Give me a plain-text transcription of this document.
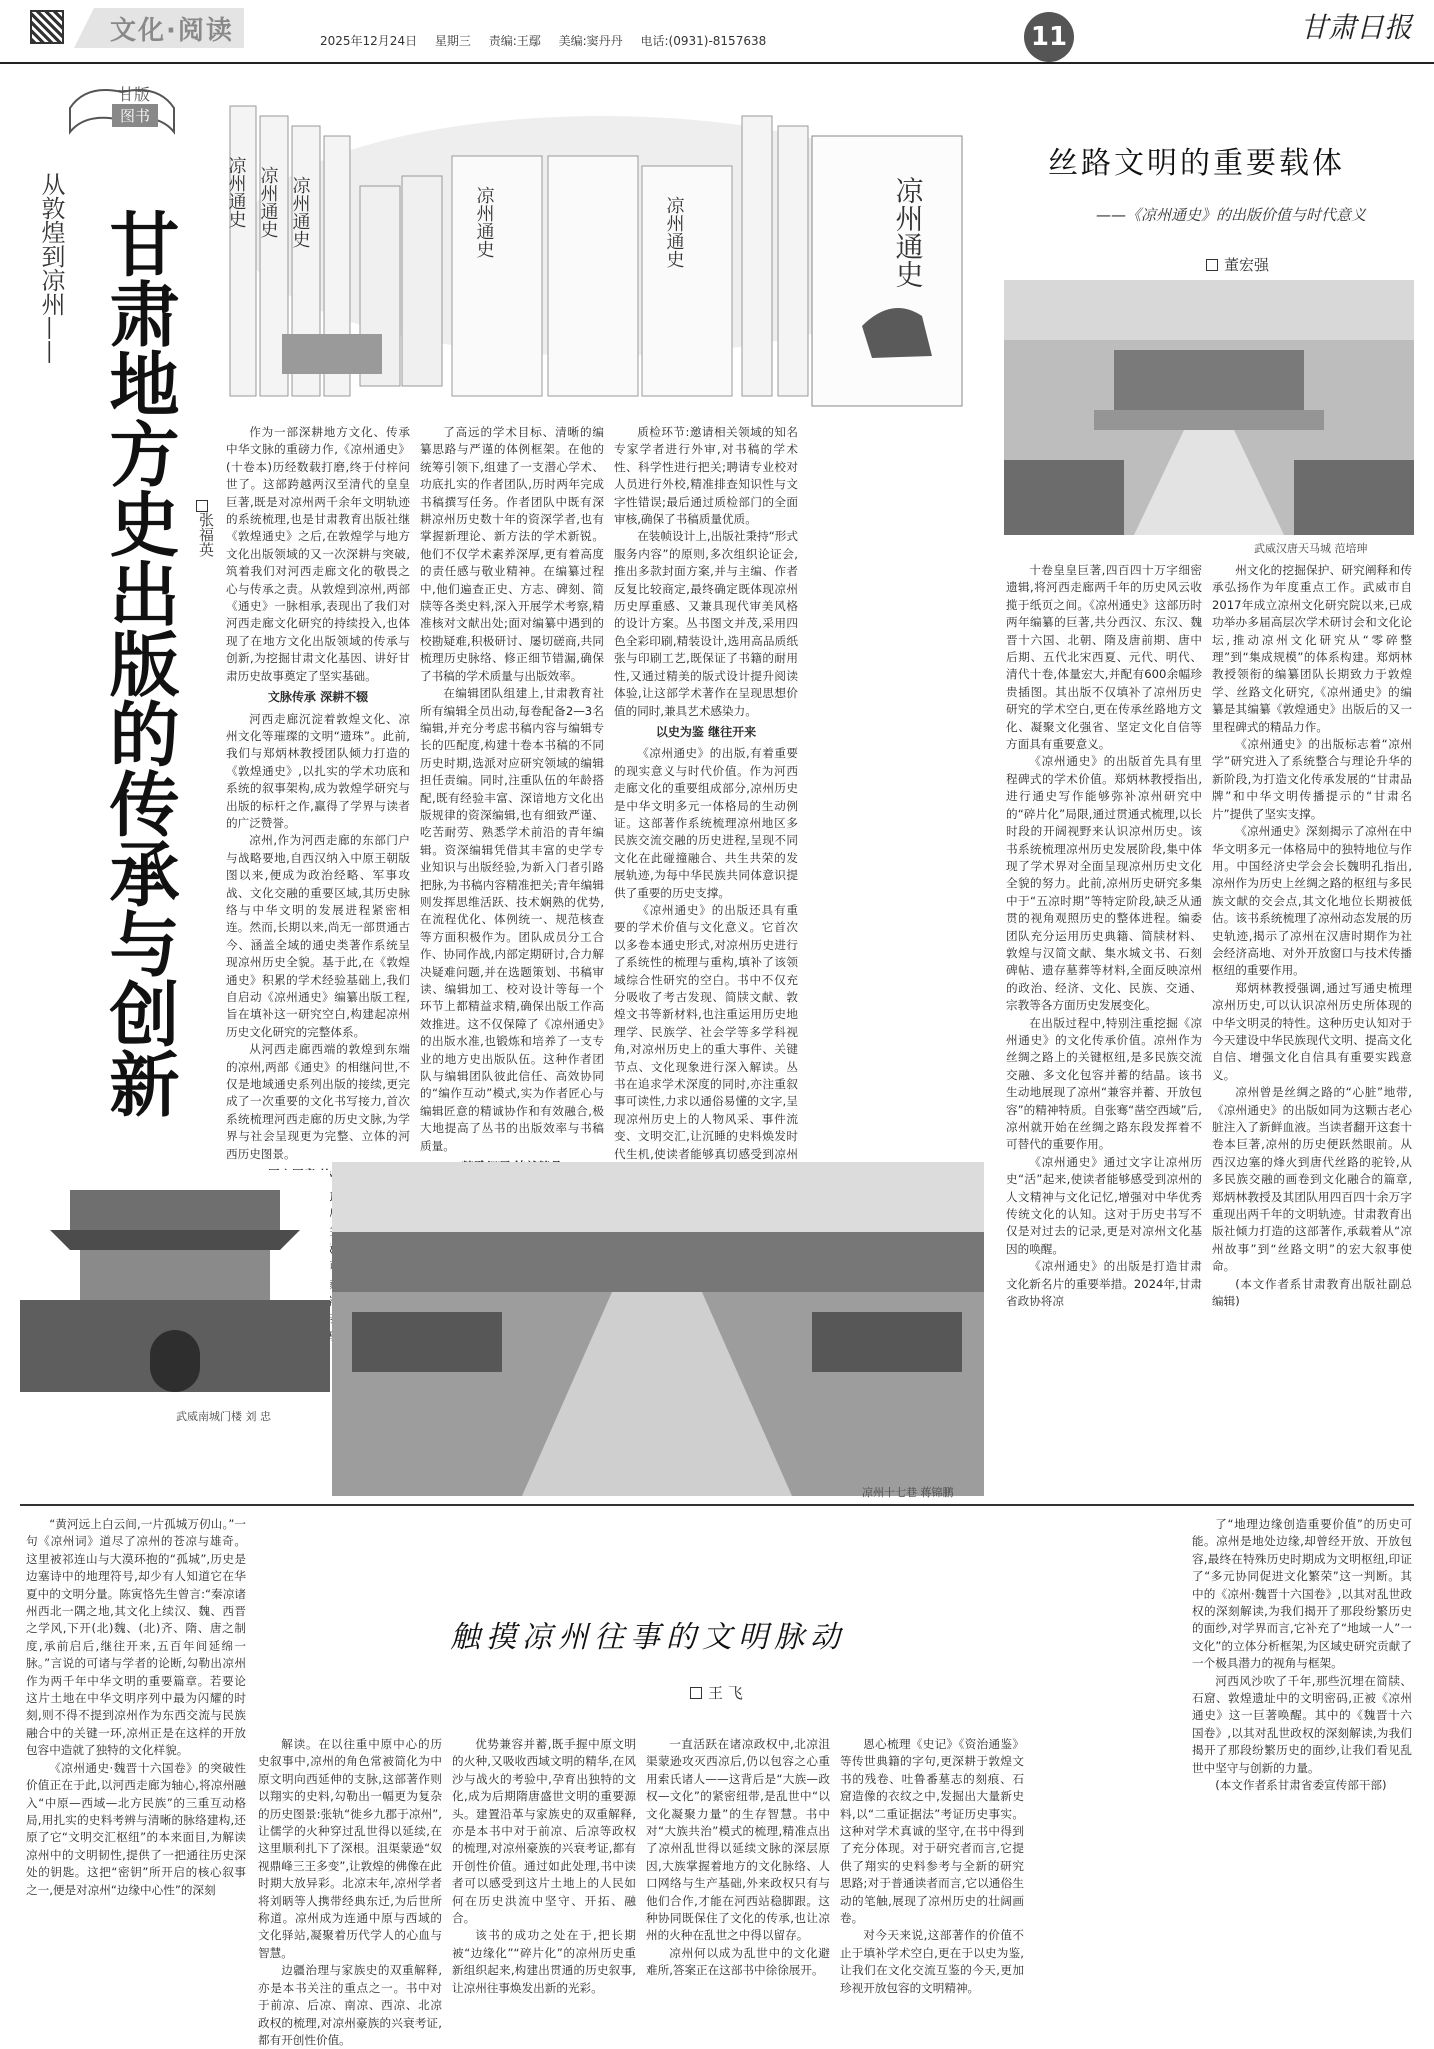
文化·阅读	2025年12月24日 星期三 责编:王鄢 美编:窦丹丹 电话:(0931)-8157638	11	甘肃日报
甘版
图书
从敦煌到凉州—— 甘肃地方史出版的传承与创新 张福英
凉州通史 凉州通史 凉州通史	凉州通史	凉州通史	凉州通史
丝路文明的重要载体
——《凉州通史》的出版价值与时代意义
董宏强
武威汉唐天马城 范培珅

作为一部深耕地方文化、传承中华文脉的重磅力作,《凉州通史》(十卷本)历经数载打磨,终于付梓问世了。这部跨越两汉至清代的皇皇巨著,既是对凉州两千余年文明轨迹的系统梳理,也是甘肃教育出版社继《敦煌通史》之后,在敦煌学与地方文化出版领域的又一次深耕与突破,筑着我们对河西走廊文化的敬畏之心与传承之责。从敦煌到凉州,两部《通史》一脉相承,表现出了我们对河西走廊文化研究的持续投入,也体现了在地方文化出版领域的传承与创新,为挖掘甘肃文化基因、讲好甘肃历史故事奠定了坚实基础。

文脉传承 深耕不辍

河西走廊沉淀着敦煌文化、凉州文化等璀璨的文明“遗珠”。此前,我们与郑炳林教授团队倾力打造的《敦煌通史》,以扎实的学术功底和系统的叙事架构,成为敦煌学研究与出版的标杆之作,赢得了学界与读者的广泛赞誉。

凉州,作为河西走廊的东部门户与战略要地,自西汉纳入中原王朝版图以来,便成为政治经略、军事攻战、文化交融的重要区域,其历史脉络与中华文明的发展进程紧密相连。然而,长期以来,尚无一部贯通古今、涵盖全域的通史类著作系统呈现凉州历史全貌。基于此,在《敦煌通史》积累的学术经验基础上,我们自启动《凉州通史》编纂出版工程,旨在填补这一研究空白,构建起凉州历史文化研究的完整体系。

从河西走廊西端的敦煌到东端的凉州,两部《通史》的相继问世,不仅是地域通史系列出版的接续,更完成了一次重要的文化书写接力,首次系统梳理河西走廊的历史文脉,为学界与社会呈现更为完整、立体的河西历史图景。

了高远的学术目标、清晰的编纂思路与严谨的体例框架。在他的统筹引领下,组建了一支潜心学术、功底扎实的作者团队,历时两年完成书稿撰写任务。作者团队中既有深耕凉州历史数十年的资深学者,也有掌握新理论、新方法的学术新锐。他们不仅学术素养深厚,更有着高度的责任感与敬业精神。在编纂过程中,他们遍查正史、方志、碑刻、简牍等各类史料,深入开展学术考察,精准核对文献出处;面对编纂中遇到的校勘疑难,积极研讨、屡切磋商,共同梳理历史脉络、修正细节错漏,确保了书稿的学术质量与出版效率。

在编辑团队组建上,甘肃教育社所有编辑全员出动,每卷配备2—3名编辑,并充分考虑书稿内容与编辑专长的匹配度,构建十卷本书稿的不同历史时期,选派对应研究领域的编辑担任责编。同时,注重队伍的年龄搭配,既有经验丰富、深谙地方文化出版规律的资深编辑,也有细致严谨、吃苦耐劳、熟悉学术前沿的青年编辑。资深编辑凭借其丰富的史学专业知识与出版经验,为新入门者引路把脉,为书稿内容精准把关;青年编辑则发挥思维活跃、技术娴熟的优势,在流程优化、体例统一、规范核查等方面积极作为。团队成员分工合作、协同作战,内部定期研讨,合力解决疑难问题,并在选题策划、书稿审读、编辑加工、校对设计等每一个环节上都精益求精,确保出版工作高效推进。这不仅保障了《凉州通史》的出版水准,也锻炼和培养了一支专业的地方史出版队伍。这种作者团队与编辑团队彼此信任、高效协同的“编作互动”模式,实为作者匠心与编辑匠意的精诚协作和有效融合,极大地提高了丛书的出版效率与书稿质量。

质检环节:邀请相关领域的知名专家学者进行外审,对书稿的学术性、科学性进行把关;聘请专业校对人员进行外校,精准排查知识性与文字性错误;最后通过质检部门的全面审核,确保了书稿质量优质。

在装帧设计上,出版社秉持“形式服务内容”的原则,多次组织论证会,推出多款封面方案,并与主编、作者反复比较商定,最终确定既体现凉州历史厚重感、又兼具现代审美风格的设计方案。丛书图文并茂,采用四色全彩印刷,精装设计,选用高品质纸张与印刷工艺,既保证了书籍的耐用性,又通过精美的版式设计提升阅读体验,让这部学术著作在呈现思想价值的同时,兼具艺术感染力。

以史为鉴 继往开来

《凉州通史》的出版,有着重要的现实意义与时代价值。作为河西走廊文化的重要组成部分,凉州历史是中华文明多元一体格局的生动例证。这部著作系统梳理凉州地区多民族交流交融的历史进程,呈现不同文化在此碰撞融合、共生共荣的发展轨迹,为每中华民族共同体意识提供了重要的历史支撑。

《凉州通史》的出版还具有重要的学术价值与文化意义。它首次以多卷本通史形式,对凉州历史进行了系统性的梳理与重构,填补了该领域综合性研究的空白。书中不仅充分吸收了考古发现、简牍文献、敦煌文书等新材料,也注重运用历史地理学、民族学、社会学等多学科视角,对凉州历史上的重大事件、关键节点、文化现象进行深入解读。丛书在追求学术深度的同时,亦注重叙事可读性,力求以通俗易懂的文字,呈现凉州历史上的人物风采、事件流变、文明交汇,让沉睡的史料焕发时代生机,使读者能够真切感受到凉州

十卷皇皇巨著,四百四十万字细密遗辑,将河西走廊两千年的历史风云收揽于纸页之间。《凉州通史》这部历时两年编纂的巨著,共分西汉、东汉、魏晋十六国、北朝、隋及唐前期、唐中后期、五代北宋西夏、元代、明代、清代十卷,体量宏大,并配有600余幅珍贵插图。其出版不仅填补了凉州历史研究的学术空白,更在传承丝路地方文化、凝聚文化强省、坚定文化自信等方面具有重要意义。

《凉州通史》的出版首先具有里程碑式的学术价值。郑炳林教授指出,进行通史写作能够弥补凉州研究中的“碎片化”局限,通过贯通式梳理,以长时段的开阔视野来认识凉州历史。该书系统梳理凉州历史发展阶段,集中体现了学术界对全面呈现凉州历史文化全貌的努力。此前,凉州历史研究多集中于“五凉时期”等特定阶段,缺乏从通贯的视角观照历史的整体进程。编委团队充分运用历史典籍、简牍材料、敦煌与汉简文献、集水城文书、石刻碑帖、遗存墓葬等材料,全面反映凉州的政治、经济、文化、民族、交通、宗教等各方面历史发展变化。

在出版过程中,特别注重挖掘《凉州通史》的文化传承价值。凉州作为丝绸之路上的关键枢纽,是多民族交流交融、多文化包容并蓄的结晶。该书生动地展现了凉州“兼容并蓄、开放包容”的精神特质。自张骞“凿空西域”后,凉州就开始在丝绸之路东段发挥着不可替代的重要作用。

《凉州通史》通过文字让凉州历史“活”起来,使读者能够感受到凉州的人文精神与文化记忆,增强对中华优秀传统文化的认知。这对于历史书写不仅是对过去的记录,更是对凉州文化基因的唤醒。

《凉州通史》的出版是打造甘肃文化新名片的重要举措。2024年,甘肃省政协将凉

州文化的挖掘保护、研究阐释和传承弘扬作为年度重点工作。武威市自2017年成立凉州文化研究院以来,已成功举办多届高层次学术研讨会和文化论坛,推动凉州文化研究从“零碎整理”到“集成规模”的体系构建。郑炳林教授领衔的编纂团队长期致力于敦煌学、丝路文化研究,《凉州通史》的编纂是其编纂《敦煌通史》出版后的又一里程碑式的精品力作。

《凉州通史》的出版标志着“凉州学”研究进入了系统整合与理论升华的新阶段,为打造文化传承发展的“甘肃品牌”和中华文明传播提示的“甘肃名片”提供了坚实支撑。

《凉州通史》深刻揭示了凉州在中华文明多元一体格局中的独特地位与作用。中国经济史学会会长魏明孔指出,凉州作为历史上丝绸之路的枢纽与多民族文献的交会点,其文化地位长期被低估。该书系统梳理了凉州动态发展的历史轨迹,揭示了凉州在汉唐时期作为社会经济高地、对外开放窗口与技术传播枢纽的重要作用。

郑炳林教授强调,通过写通史梳理凉州历史,可以认识凉州历史所体现的中华文明灵的特性。这种历史认知对于今天建设中华民族现代文明、提高文化自信、增强文化自信具有重要实践意义。

凉州曾是丝绸之路的“心脏”地带,《凉州通史》的出版如同为这颗古老心脏注入了新鲜血液。当读者翻开这套十卷本巨著,凉州的历史便跃然眼前。从西汉边塞的烽火到唐代丝路的驼铃,从多民族交融的画卷到文化融合的篇章,郑炳林教授及其团队用四百四十余万字重现出两千年的文明轨迹。甘肃教育出版社倾力打造的这部著作,承载着从“凉州故事”到“丝路文明”的宏大叙事使命。

(本文作者系甘肃教育出版社副总编辑)

武威南城门楼 刘 忠
凉州十七巷 蒋锦鹏
触摸凉州往事的文明脉动
王 飞

“黄河远上白云间,一片孤城万仞山。”一句《凉州词》道尽了凉州的苍凉与雄奇。这里被祁连山与大漠环抱的“孤城”,历史是边塞诗中的地理符号,却少有人知道它在华夏中的文明分量。陈寅恪先生曾言:“秦凉诸州西北一隅之地,其文化上续汉、魏、西晋之学风,下开(北)魏、(北)齐、隋、唐之制度,承前启后,继往开来,五百年间延绵一脉。”言说的可诸与学者的论断,勾勒出凉州作为两千年中华文明的重要篇章。若要论这片土地在中华文明序列中最为闪耀的时刻,则不得不提到凉州作为东西交流与民族融合中的关键一环,凉州正是在这样的开放包容中造就了独特的文化样貌。

《凉州通史·魏晋十六国卷》的突破性价值正在于此,以河西走廊为轴心,将凉州融入“中原—西域—北方民族”的三重互动格局,用扎实的史料考辨与清晰的脉络建构,还原了它“文明交汇枢纽”的本来面目,为解读凉州中的文明韧性,提供了一把通往历史深处的钥匙。这把“密钥”所开启的核心叙事之一,便是对凉州“边缘中心性”的深刻

解读。在以往重中原中心的历史叙事中,凉州的角色常被简化为中原文明向西延伸的支脉,这部著作则以翔实的史料,勾勒出一幅更为复杂的历史图景:张轨“徙乡九郡于凉州”,让儒学的火种穿过乱世得以延续,在这里顺利扎下了深根。沮渠蒙逊“奴视鼎峰三王多变”,让敦煌的佛像在此时期大放异彩。北凉末年,凉州学者将刘昞等人携带经典东迁,为后世所称道。凉州成为连通中原与西域的文化驿站,凝聚着历代学人的心血与智慧。

边疆治理与家族史的双重解释,亦是本书关注的重点之一。书中对于前凉、后凉、南凉、西凉、北凉政权的梳理,对凉州豪族的兴衰考证,都有开创性价值。

优势兼容并蓄,既手握中原文明的火种,又吸收西域文明的精华,在风沙与战火的考验中,孕育出独特的文化,成为后期隋唐盛世文明的重要源头。建置沿革与家族史的双重解释,亦是本书中对于前凉、后凉等政权的梳理,对凉州豪族的兴衰考证,都有开创性价值。通过如此处理,书中读者可以感受到这片土地上的人民如何在历史洪流中坚守、开拓、融合。

该书的成功之处在于,把长期被“边缘化”“碎片化”的凉州历史重新组织起来,构建出贯通的历史叙事,让凉州往事焕发出新的光彩。

一直活跃在诸凉政权中,北凉沮渠蒙逊攻灭西凉后,仍以包容之心重用索氏诸人——这背后是“大族—政权—文化”的紧密纽带,是乱世中“以文化凝聚力量”的生存智慧。书中对“大族共治”模式的梳理,精准点出了凉州乱世得以延续文脉的深层原因,大族掌握着地方的文化脉络、人口网络与生产基础,外来政权只有与他们合作,才能在河西站稳脚跟。这种协同既保住了文化的传承,也让凉州的火种在乱世之中得以留存。

凉州何以成为乱世中的文化避难所,答案正在这部书中徐徐展开。

恩心梳理《史记》《资治通鉴》等传世典籍的字句,更深耕于敦煌文书的残卷、吐鲁番墓志的刻痕、石窟造像的衣纹之中,发掘出大量新史料,以“二重证据法”考证历史事实。这种对学术真诚的坚守,在书中得到了充分体现。对于研究者而言,它提供了翔实的史料参考与全新的研究思路;对于普通读者而言,它以通俗生动的笔触,展现了凉州历史的壮阔画卷。

对今天来说,这部著作的价值不止于填补学术空白,更在于以史为鉴,让我们在文化交流互鉴的今天,更加珍视开放包容的文明精神。

了“地理边缘创造重要价值”的历史可能。凉州是地处边缘,却曾经开放、开放包容,最终在特殊历史时期成为文明枢纽,印证了“多元协同促进文化繁荣”这一判断。其中的《凉州·魏晋十六国卷》,以其对乱世政权的深刻解读,为我们揭开了那段纷繁历史的面纱,对学界而言,它补充了“地域一人”一文化”的立体分析框架,为区域史研究贡献了一个极具潜力的视角与框架。

河西风沙吹了千年,那些沉埋在简牍、石窟、敦煌遗址中的文明密码,正被《凉州通史》这一巨著唤醒。其中的《魏晋十六国卷》,以其对乱世政权的深刻解读,为我们揭开了那段纷繁历史的面纱,让我们看见乱世中坚守与创新的力量。

(本文作者系甘肃省委宣传部干部)
